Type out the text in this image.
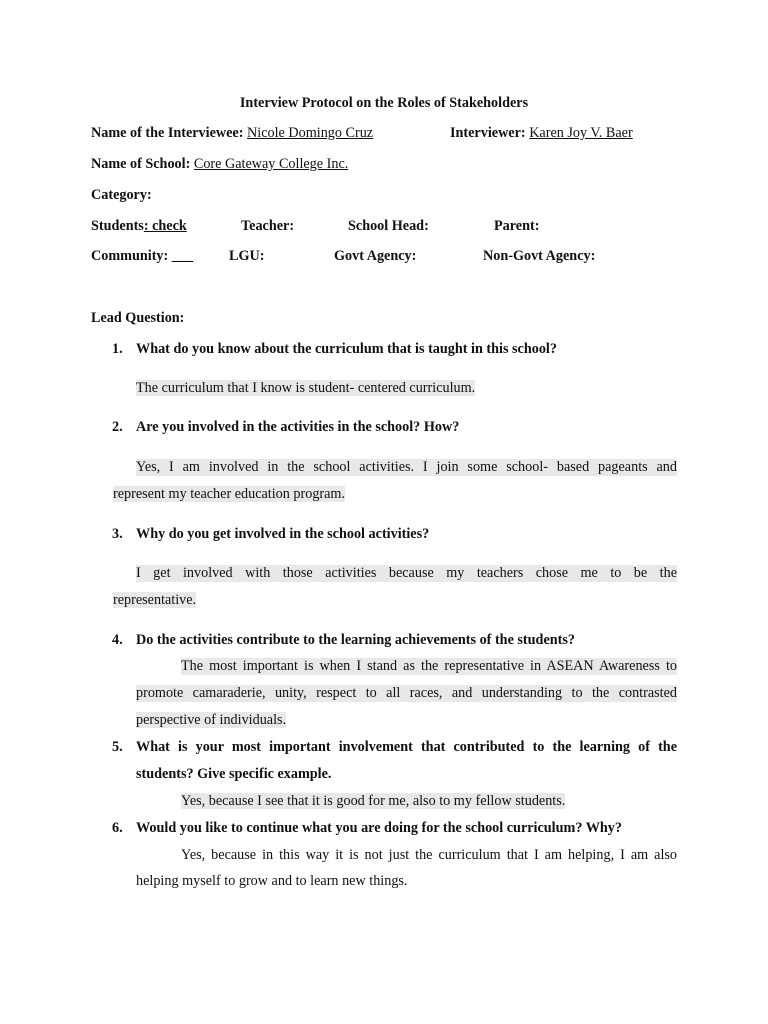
Interview Protocol on the Roles of Stakeholders
Name of the Interviewee: Nicole Domingo Cruz	Interviewer: Karen Joy V. Baer
Name of School: Core Gateway College Inc.
Category:
Students: check	Teacher:	School Head:	Parent:
Community: ___	LGU:	Govt Agency:	Non-Govt Agency:
Lead Question:
1. What do you know about the curriculum that is taught in this school?
The curriculum that I know is student- centered curriculum.
2. Are you involved in the activities in the school? How?
Yes, I am involved in the school activities. I join some school- based pageants and
represent my teacher education program.
3. Why do you get involved in the school activities?
I get involved with those activities because my teachers chose me to be the
representative.
4. Do the activities contribute to the learning achievements of the students?
The most important is when I stand as the representative in ASEAN Awareness to
promote camaraderie, unity, respect to all races, and understanding to the contrasted
perspective of individuals.
5. What is your most important involvement that contributed to the learning of the
students? Give specific example.
Yes, because I see that it is good for me, also to my fellow students.
6. Would you like to continue what you are doing for the school curriculum? Why?
Yes, because in this way it is not just the curriculum that I am helping, I am also
helping myself to grow and to learn new things.
